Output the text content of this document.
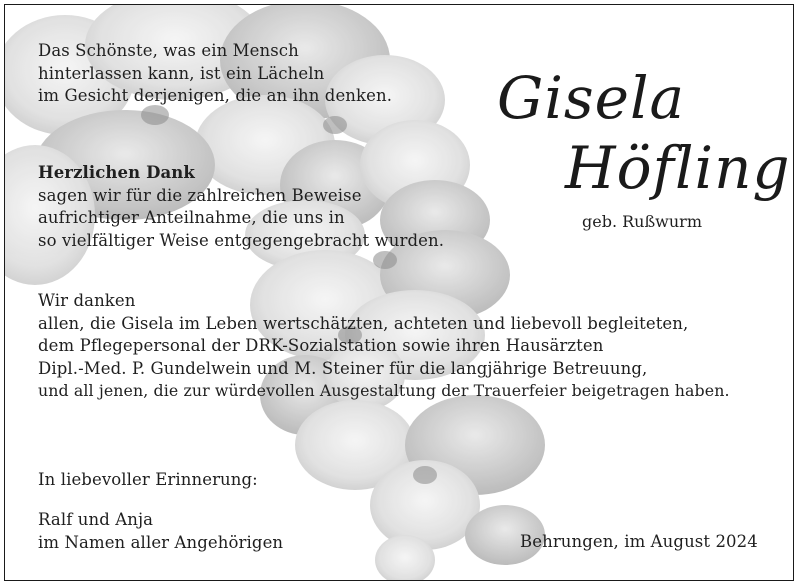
Das Schönste, was ein Mensch
hinterlassen kann, ist ein Lächeln
im Gesicht derjenigen, die an ihn denken. Gisela
Höfling
geb. Rußwurm
Herzlichen Dank
sagen wir für die zahlreichen Beweise
aufrichtiger Anteilnahme, die uns in
so vielfältiger Weise entgegengebracht wurden.
Wir danken
allen, die Gisela im Leben wertschätzten, achteten und liebevoll begleiteten,
dem Pflegepersonal der DRK-Sozialstation sowie ihren Hausärzten
Dipl.-Med. P. Gundelwein und M. Steiner für die langjährige Betreuung,
und all jenen, die zur würdevollen Ausgestaltung der Trauerfeier beigetragen haben.
In liebevoller Erinnerung:
Ralf und Anja
im Namen aller Angehörigen	Behrungen, im August 2024
